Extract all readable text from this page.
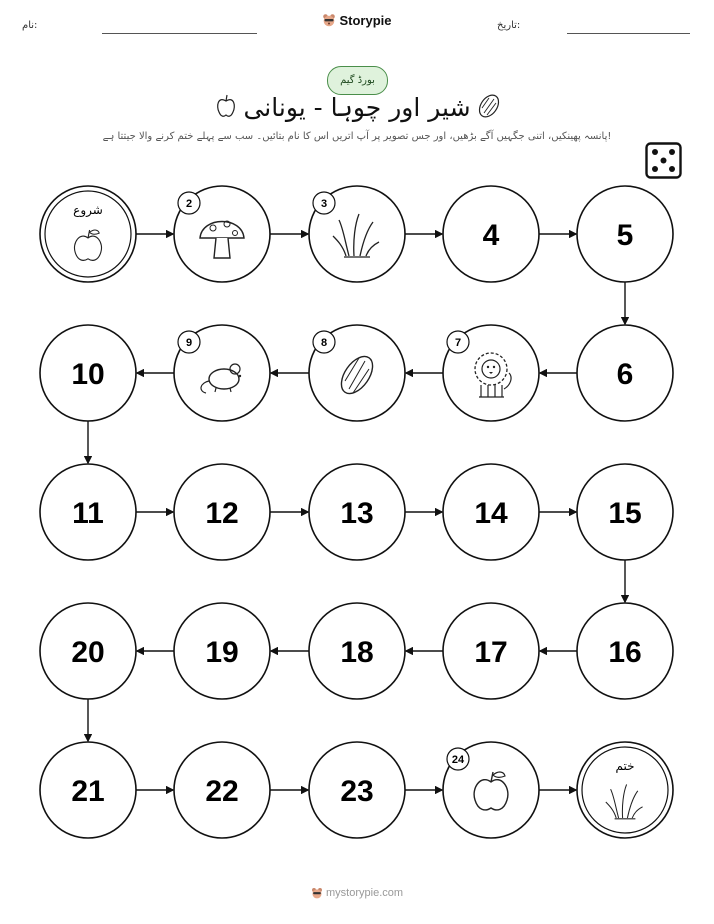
نام:	Storypie	تاریخ:
بورڈ گیم
شیر اور چوہا - یونانی
پانسہ پھینکیں، اتنی جگہیں آگے بڑھیں، اور جس تصویر پر آپ اتریں اس کا نام بتائیں۔ سب سے پہلے ختم کرنے والا جیتتا ہے!
شروع	2	3
4	5
6
7
8
9
10
11	12	13	14	15
16
17
18
19
20
21	22	23
24	ختم
mystorypie.com
